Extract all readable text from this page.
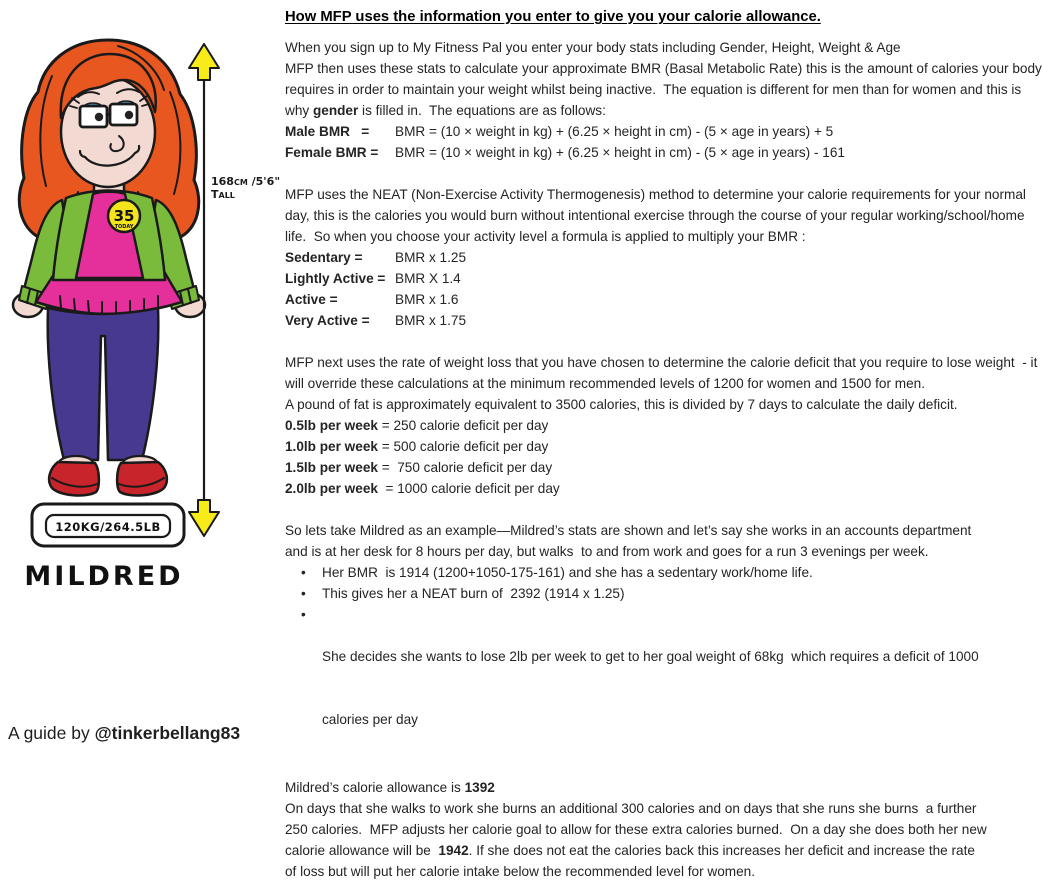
35
TODAY
120KG/264.5LB
MILDRED
168cm /5'6"
Tall
How MFP uses the information you enter to give you your calorie allowance.
When you sign up to My Fitness Pal you enter your body stats including Gender, Height, Weight & Age
MFP then uses these stats to calculate your approximate BMR (Basal Metabolic Rate) this is the amount of calories your body
requires in order to maintain your weight whilst being inactive.  The equation is different for men than for women and this is
why gender is filled in.  The equations are as follows:
Male BMR   =	BMR = (10 × weight in kg) + (6.25 × height in cm) - (5 × age in years) + 5
Female BMR =	BMR = (10 × weight in kg) + (6.25 × height in cm) - (5 × age in years) - 161
MFP uses the NEAT (Non-Exercise Activity Thermogenesis) method to determine your calorie requirements for your normal
day, this is the calories you would burn without intentional exercise through the course of your regular working/school/home
life.  So when you choose your activity level a formula is applied to multiply your BMR :
Sedentary =	BMR x 1.25
Lightly Active = BMR X 1.4
Active =	BMR x 1.6
Very Active =	BMR x 1.75
MFP next uses the rate of weight loss that you have chosen to determine the calorie deficit that you require to lose weight  - it
will override these calculations at the minimum recommended levels of 1200 for women and 1500 for men.
A pound of fat is approximately equivalent to 3500 calories, this is divided by 7 days to calculate the daily deficit.
0.5lb per week = 250 calorie deficit per day
1.0lb per week = 500 calorie deficit per day
1.5lb per week =  750 calorie deficit per day
2.0lb per week  = 1000 calorie deficit per day
So lets take Mildred as an example—Mildred’s stats are shown and let’s say she works in an accounts department
and is at her desk for 8 hours per day, but walks  to and from work and goes for a run 3 evenings per week.
•	Her BMR  is 1914 (1200+1050-175-161) and she has a sedentary work/home life.
•	This gives her a NEAT burn of  2392 (1914 x 1.25)
•

She decides she wants to lose 2lb per week to get to her goal weight of 68kg  which requires a deficit of 1000

calories per day

Mildred’s calorie allowance is 1392
On days that she walks to work she burns an additional 300 calories and on days that she runs she burns  a further
250 calories.  MFP adjusts her calorie goal to allow for these extra calories burned.  On a day she does both her new
calorie allowance will be  1942. If she does not eat the calories back this increases her deficit and increase the rate
of loss but will put her calorie intake below the recommended level for women.
A guide by @tinkerbellang83
